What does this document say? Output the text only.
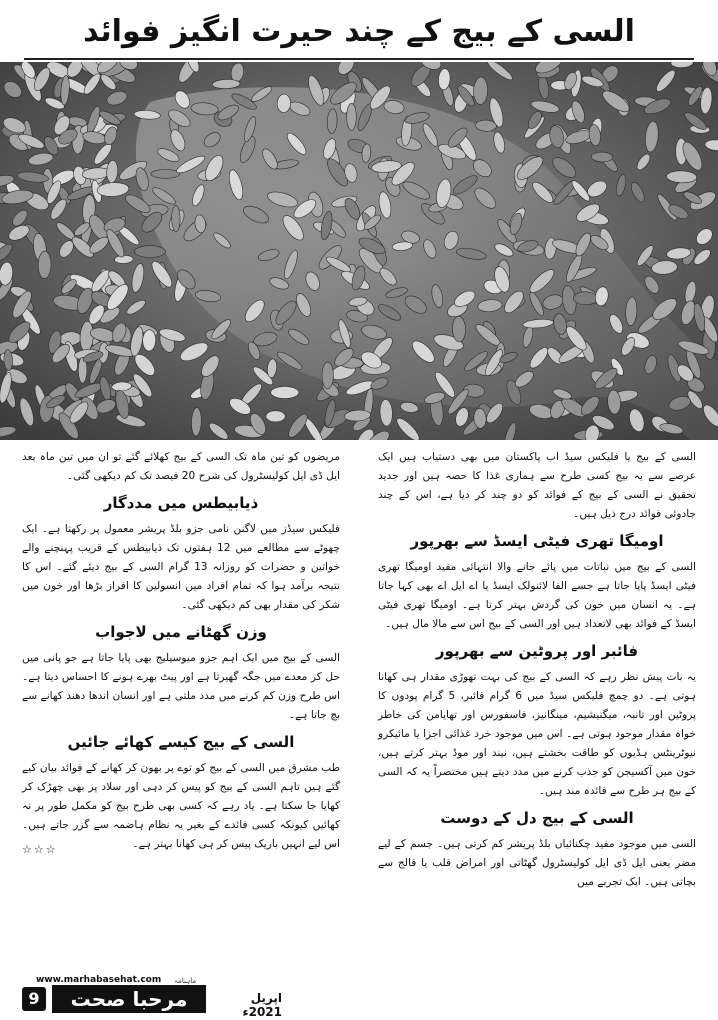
السی کے بیج کے چند حیرت انگیز فوائد

السی کے بیج یا فلیکس سیڈ اب پاکستان میں بھی دستیاب ہیں ایک عرصے سے یہ بیج کسی طرح سے ہماری غذا کا حصہ ہیں اور جدید تحقیق نے السی کے بیج کے فوائد کو دو چند کر دیا ہے، اس کے چند جادوئی فوائد درج ذیل ہیں۔

اومیگا تھری فیٹی ایسڈ سے بھرپور

السی کے بیج میں نباتات میں پائے جانے والا انتہائی مفید اومیگا تھری فیٹی ایسڈ پایا جاتا ہے جسے الفا لائنولک ایسڈ یا اے ایل اے بھی کہا جاتا ہے۔ یہ انسان میں خون کی گردش بہتر کرتا ہے۔ اومیگا تھری فیٹی ایسڈ کے فوائد بھی لاتعداد ہیں اور السی کے بیج اس سے مالا مال ہیں۔

فائبر اور پروٹین سے بھرپور

یہ بات پیش نظر رہے کہ السی کے بیج کی بہت تھوڑی مقدار ہی کھانا ہوتی ہے۔ دو چمچ فلیکس سیڈ میں 6 گرام فائبر، 5 گرام پودوں کا پروٹین اور تانبہ، میگنیشیم، مینگانیز، فاسفورس اور تھایامن کی خاطر خواہ مقدار موجود ہوتی ہے۔ اس میں موجود خرد غذائی اجزا یا مائیکرو نیوٹرینٹس ہڈیوں کو طاقت بخشتے ہیں، نیند اور موڈ بہتر کرتے ہیں، خون میں آکسیجن کو جذب کرنے میں مدد دیتے ہیں مختصراً یہ کہ السی کے بیج ہر طرح سے فائدہ مند ہیں۔

السی کے بیج دل کے دوست

السی میں موجود مفید چکنائیاں بلڈ پریشر کم کرتی ہیں۔ جسم کے لیے مضر یعنی ایل ڈی ایل کولیسٹرول گھٹاتی اور امراض قلب یا فالج سے بچاتی ہیں۔ ایک تجربے میں

مریضوں کو تین ماہ تک السی کے بیج کھلائے گئے تو ان میں تین ماہ بعد ایل ڈی ایل کولیسٹرول کی شرح 20 فیصد تک کم دیکھی گئی۔

ذیابیطس میں مددگار

فلیکس سیڈز میں لاگنن نامی جزو بلڈ پریشر معمول پر رکھتا ہے۔ ایک چھوٹے سے مطالعے میں 12 ہفتوں تک ذیابیطس کے قریب پہنچنے والے خواتین و حضرات کو روزانہ 13 گرام السی کے بیج دیئے گئے۔ اس کا نتیجہ برآمد ہوا کہ تمام افراد میں انسولین کا افراز بڑھا اور خون میں شکر کی مقدار بھی کم دیکھی گئی۔

وزن گھٹانے میں لاجواب

السی کے بیج میں ایک اہم جزو میوسیلیج بھی پایا جاتا ہے جو پانی میں حل کر معدے میں جگہ گھیرتا ہے اور پیٹ بھرے ہونے کا احساس دیتا ہے۔ اس طرح وزن کم کرنے میں مدد ملتی ہے اور انسان اندھا دھند کھانے سے بچ جاتا ہے۔

السی کے بیج کیسے کھائے جائیں

طب مشرق میں السی کے بیج کو توے پر بھون کر کھانے کے فوائد بیان کیے گئے ہیں تاہم السی کے بیج کو پیس کر دہی اور سلاد پر بھی چھڑک کر کھایا جا سکتا ہے۔ یاد رہے کہ کسی بھی طرح بیج کو مکمل طور پر نہ کھائیں کیونکہ کسی فائدے کے بغیر یہ نظام ہاضمہ سے گزر جاتے ہیں۔ اس لیے انہیں باریک پیس کر ہی کھانا بہتر ہے۔

☆☆☆
www.marhabasehat.com
9	مرحبا صحت
ماہنامہ
اپریل 2021ء
